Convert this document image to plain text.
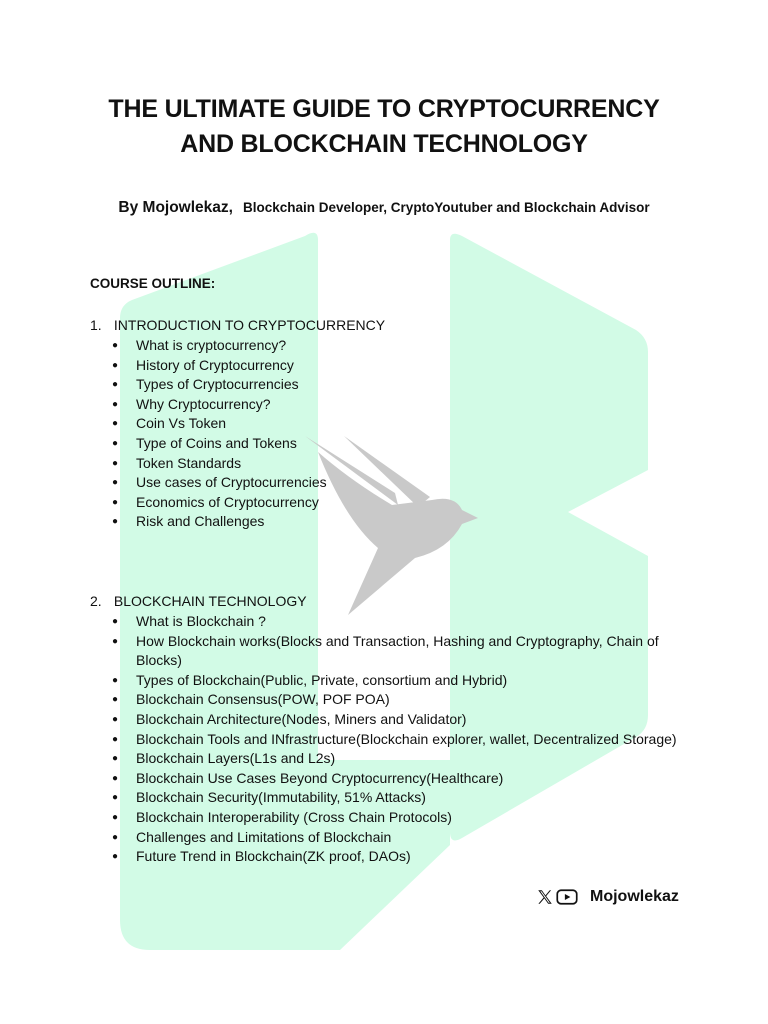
THE ULTIMATE GUIDE TO CRYPTOCURRENCY
AND BLOCKCHAIN TECHNOLOGY
By Mojowlekaz, Blockchain Developer, CryptoYoutuber and Blockchain Advisor
COURSE OUTLINE:
1. INTRODUCTION TO CRYPTOCURRENCY
● What is cryptocurrency?
● History of Cryptocurrency
● Types of Cryptocurrencies
● Why Cryptocurrency?
● Coin Vs Token
● Type of Coins and Tokens
● Token Standards
● Use cases of Cryptocurrencies
● Economics of Cryptocurrency
● Risk and Challenges
2. BLOCKCHAIN TECHNOLOGY
● What is Blockchain ?
● How Blockchain works(Blocks and Transaction, Hashing and Cryptography, Chain of Blocks)
● Types of Blockchain(Public, Private, consortium and Hybrid)
● Blockchain Consensus(POW, POF POA)
● Blockchain Architecture(Nodes, Miners and Validator)
● Blockchain Tools and INfrastructure(Blockchain explorer, wallet, Decentralized Storage)
● Blockchain Layers(L1s and L2s)
● Blockchain Use Cases Beyond Cryptocurrency(Healthcare)
● Blockchain Security(Immutability, 51% Attacks)
● Blockchain Interoperability (Cross Chain Protocols)
● Challenges and Limitations of Blockchain
● Future Trend in Blockchain(ZK proof, DAOs)
Mojowlekaz
